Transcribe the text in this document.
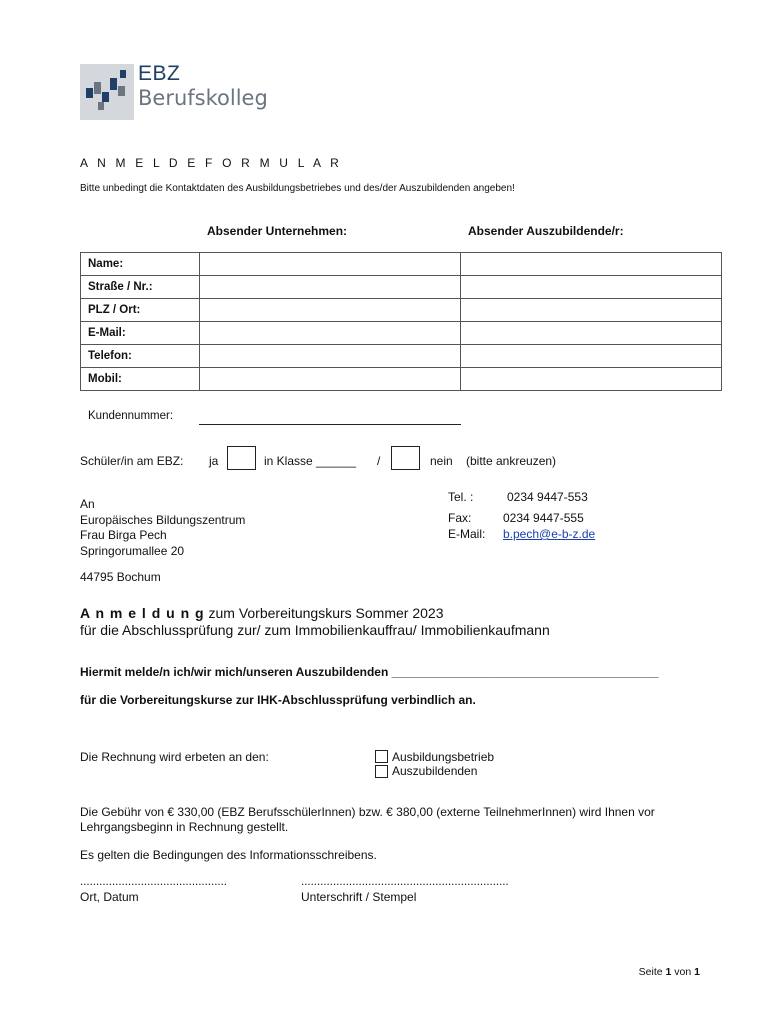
EBZ
Berufskolleg
A N M E L D E F O R M U L A R
Bitte unbedingt die Kontaktdaten des Ausbildungsbetriebes und des/der Auszubildenden angeben!
Absender Unternehmen:	Absender Auszubildende/r:
Name:		
Straße / Nr.:		
PLZ / Ort:		
E-Mail:		
Telefon:		
Mobil:		
Kundennummer:
Schüler/in am EBZ: ja	in Klasse ______ /	nein (bitte ankreuzen)
An
Europäisches Bildungszentrum
Frau Birga Pech
Springorumallee 20
44795 Bochum
Tel. :	0234 9447-553
Fax:	0234 9447-555
E-Mail: b.pech@e-b-z.de
A n m e l d u n g zum Vorbereitungskurs Sommer 2023
für die Abschlussprüfung zur/ zum Immobilienkauffrau/ Immobilienkaufmann
Hiermit melde/n ich/wir mich/unseren Auszubildenden ________________________________________
für die Vorbereitungskurse zur IHK-Abschlussprüfung verbindlich an.
Die Rechnung wird erbeten an den:	Ausbildungsbetrieb
Auszubildenden
Die Gebühr von € 330,00 (EBZ BerufsschülerInnen) bzw. € 380,00 (externe TeilnehmerInnen) wird Ihnen vor Lehrgangsbeginn in Rechnung gestellt.
Es gelten die Bedingungen des Informationsschreibens.
..............................................	.................................................................
Ort, Datum	Unterschrift / Stempel
Seite 1 von 1
